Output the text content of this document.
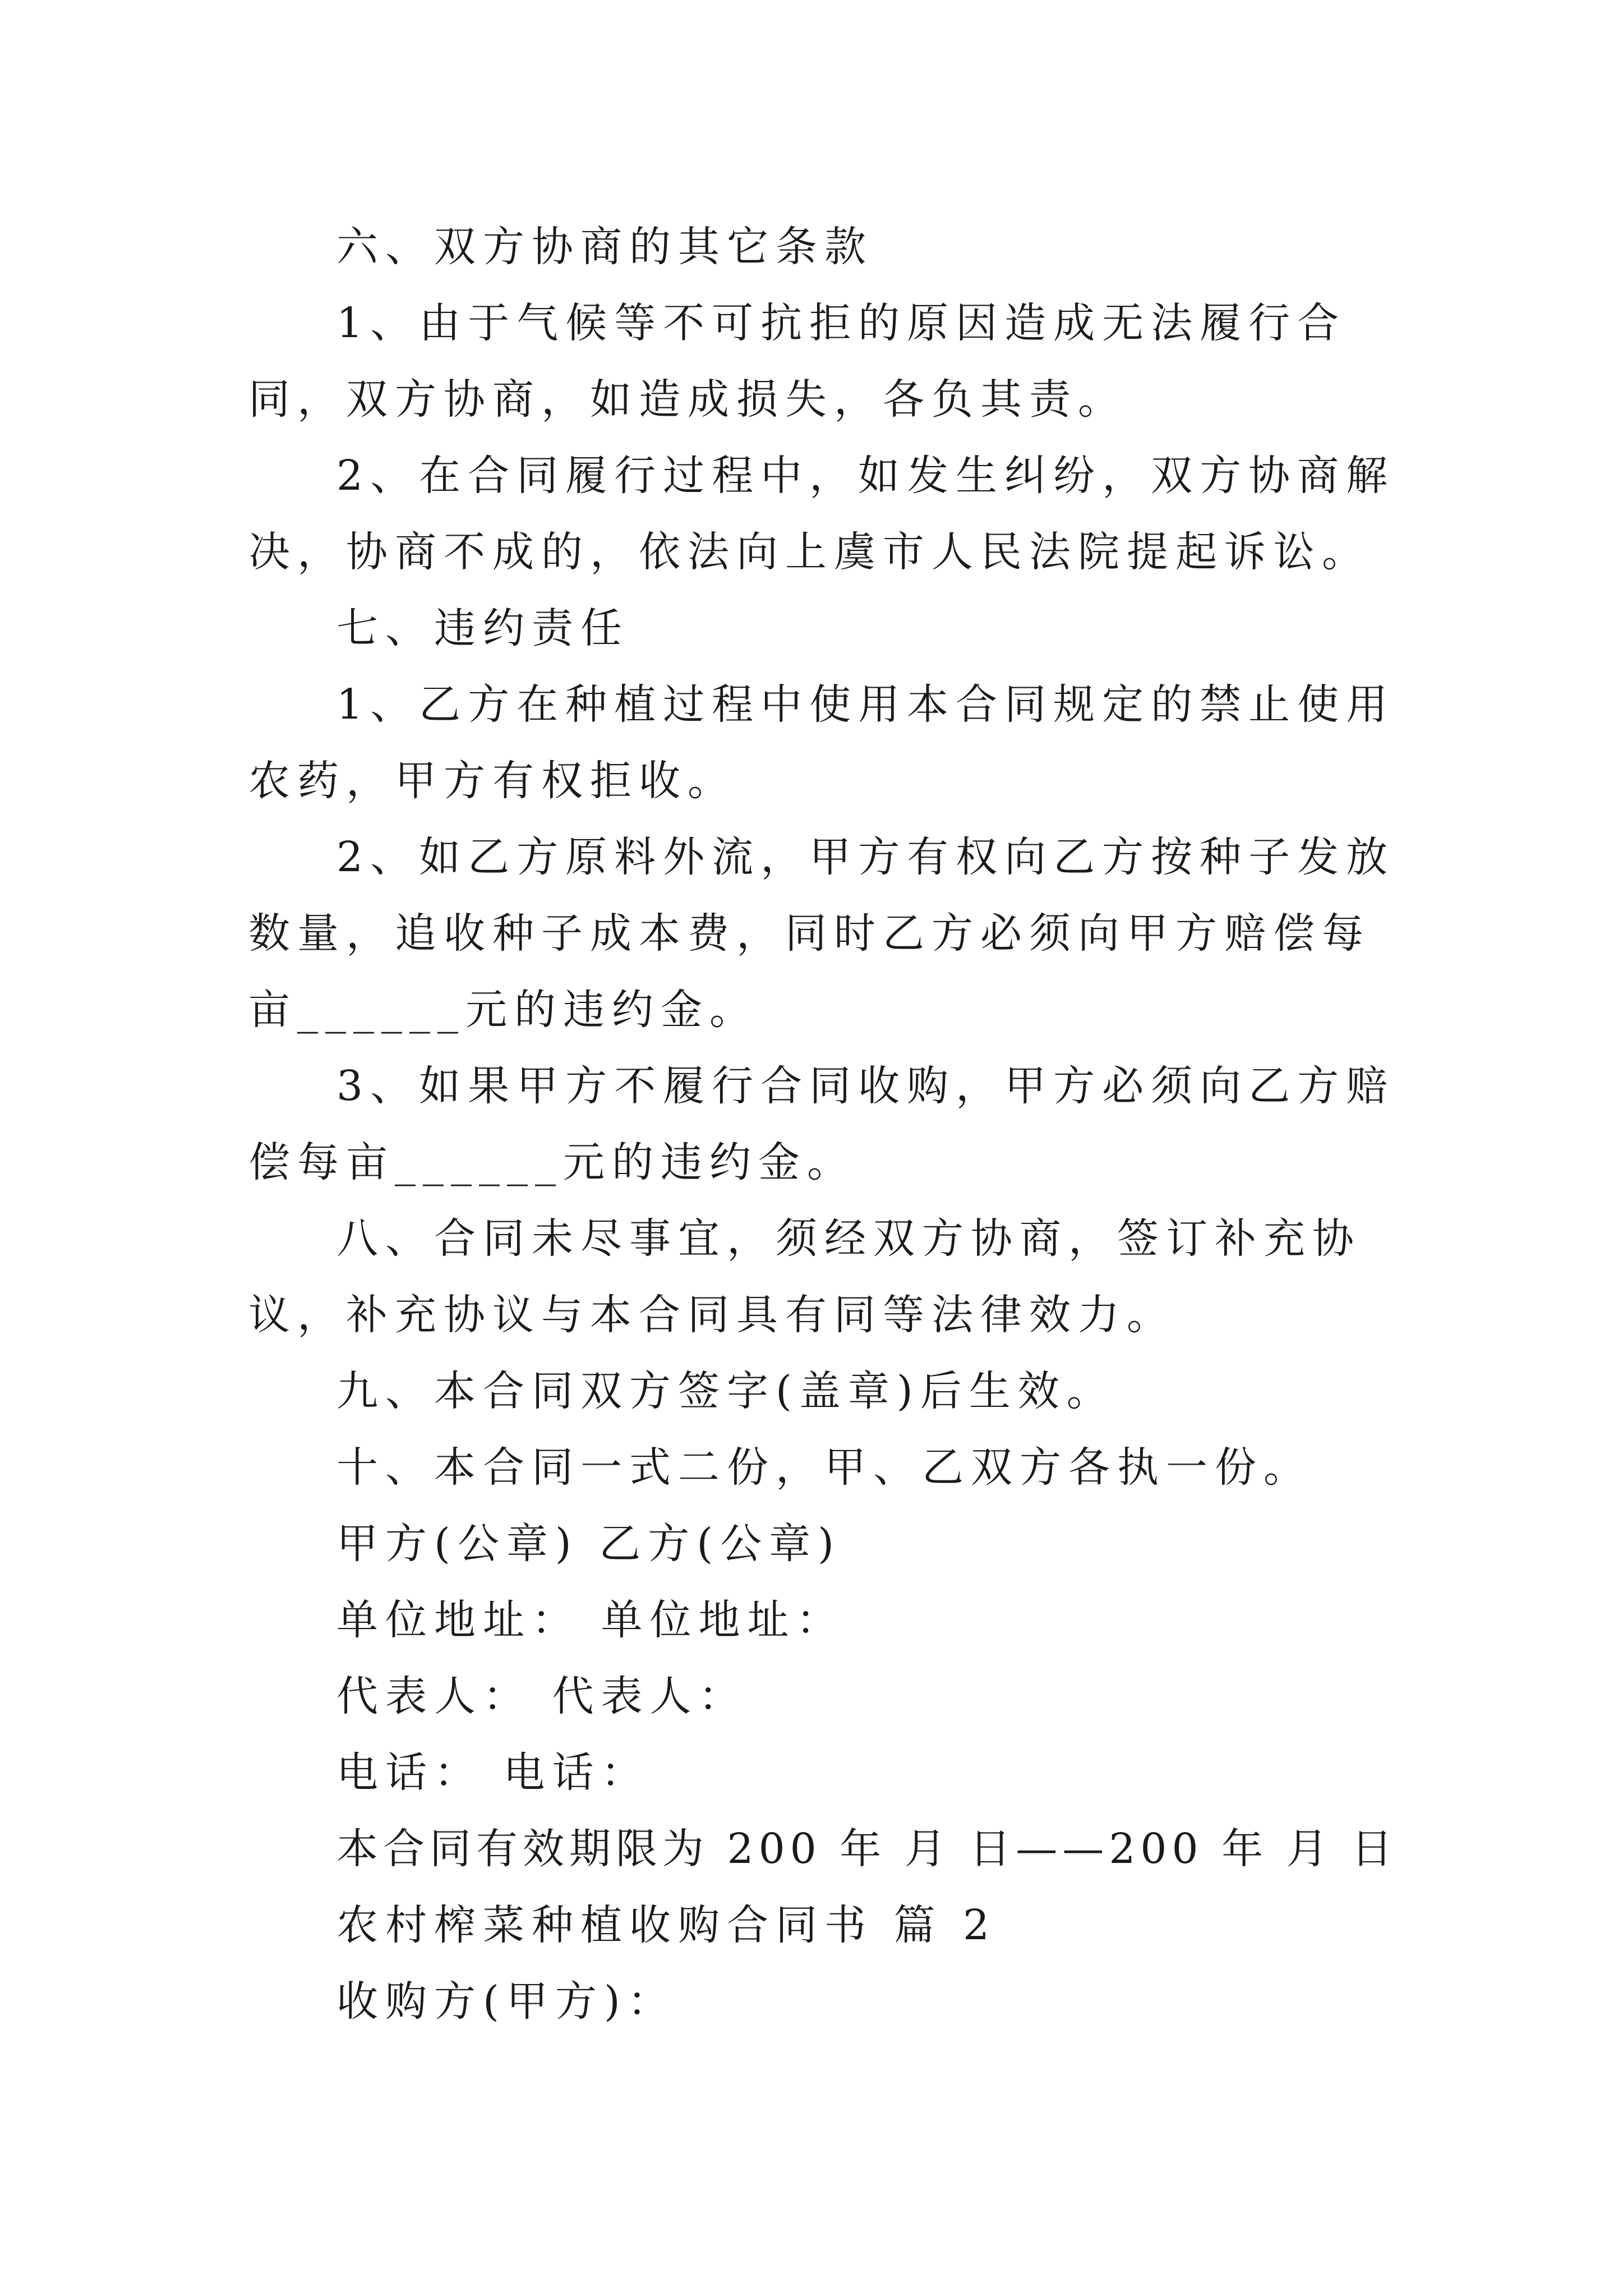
六、双方协商的其它条款

1、由于气候等不可抗拒的原因造成无法履行合同，双方协商，如造成损失，各负其责。

2、在合同履行过程中，如发生纠纷，双方协商解决，协商不成的，依法向上虞市人民法院提起诉讼。

七、违约责任

1、乙方在种植过程中使用本合同规定的禁止使用农药，甲方有权拒收。

2、如乙方原料外流，甲方有权向乙方按种子发放数量，追收种子成本费，同时乙方必须向甲方赔偿每亩______元的违约金。

3、如果甲方不履行合同收购，甲方必须向乙方赔偿每亩______元的违约金。

八、合同未尽事宜，须经双方协商，签订补充协议，补充协议与本合同具有同等法律效力。

九、本合同双方签字(盖章)后生效。

十、本合同一式二份，甲、乙双方各执一份。

甲方(公章) 乙方(公章)

单位地址： 单位地址：

代表人： 代表人：

电话： 电话：

本合同有效期限为 200 年 月 日——200 年 月 日

农村榨菜种植收购合同书 篇 2

收购方(甲方)：
